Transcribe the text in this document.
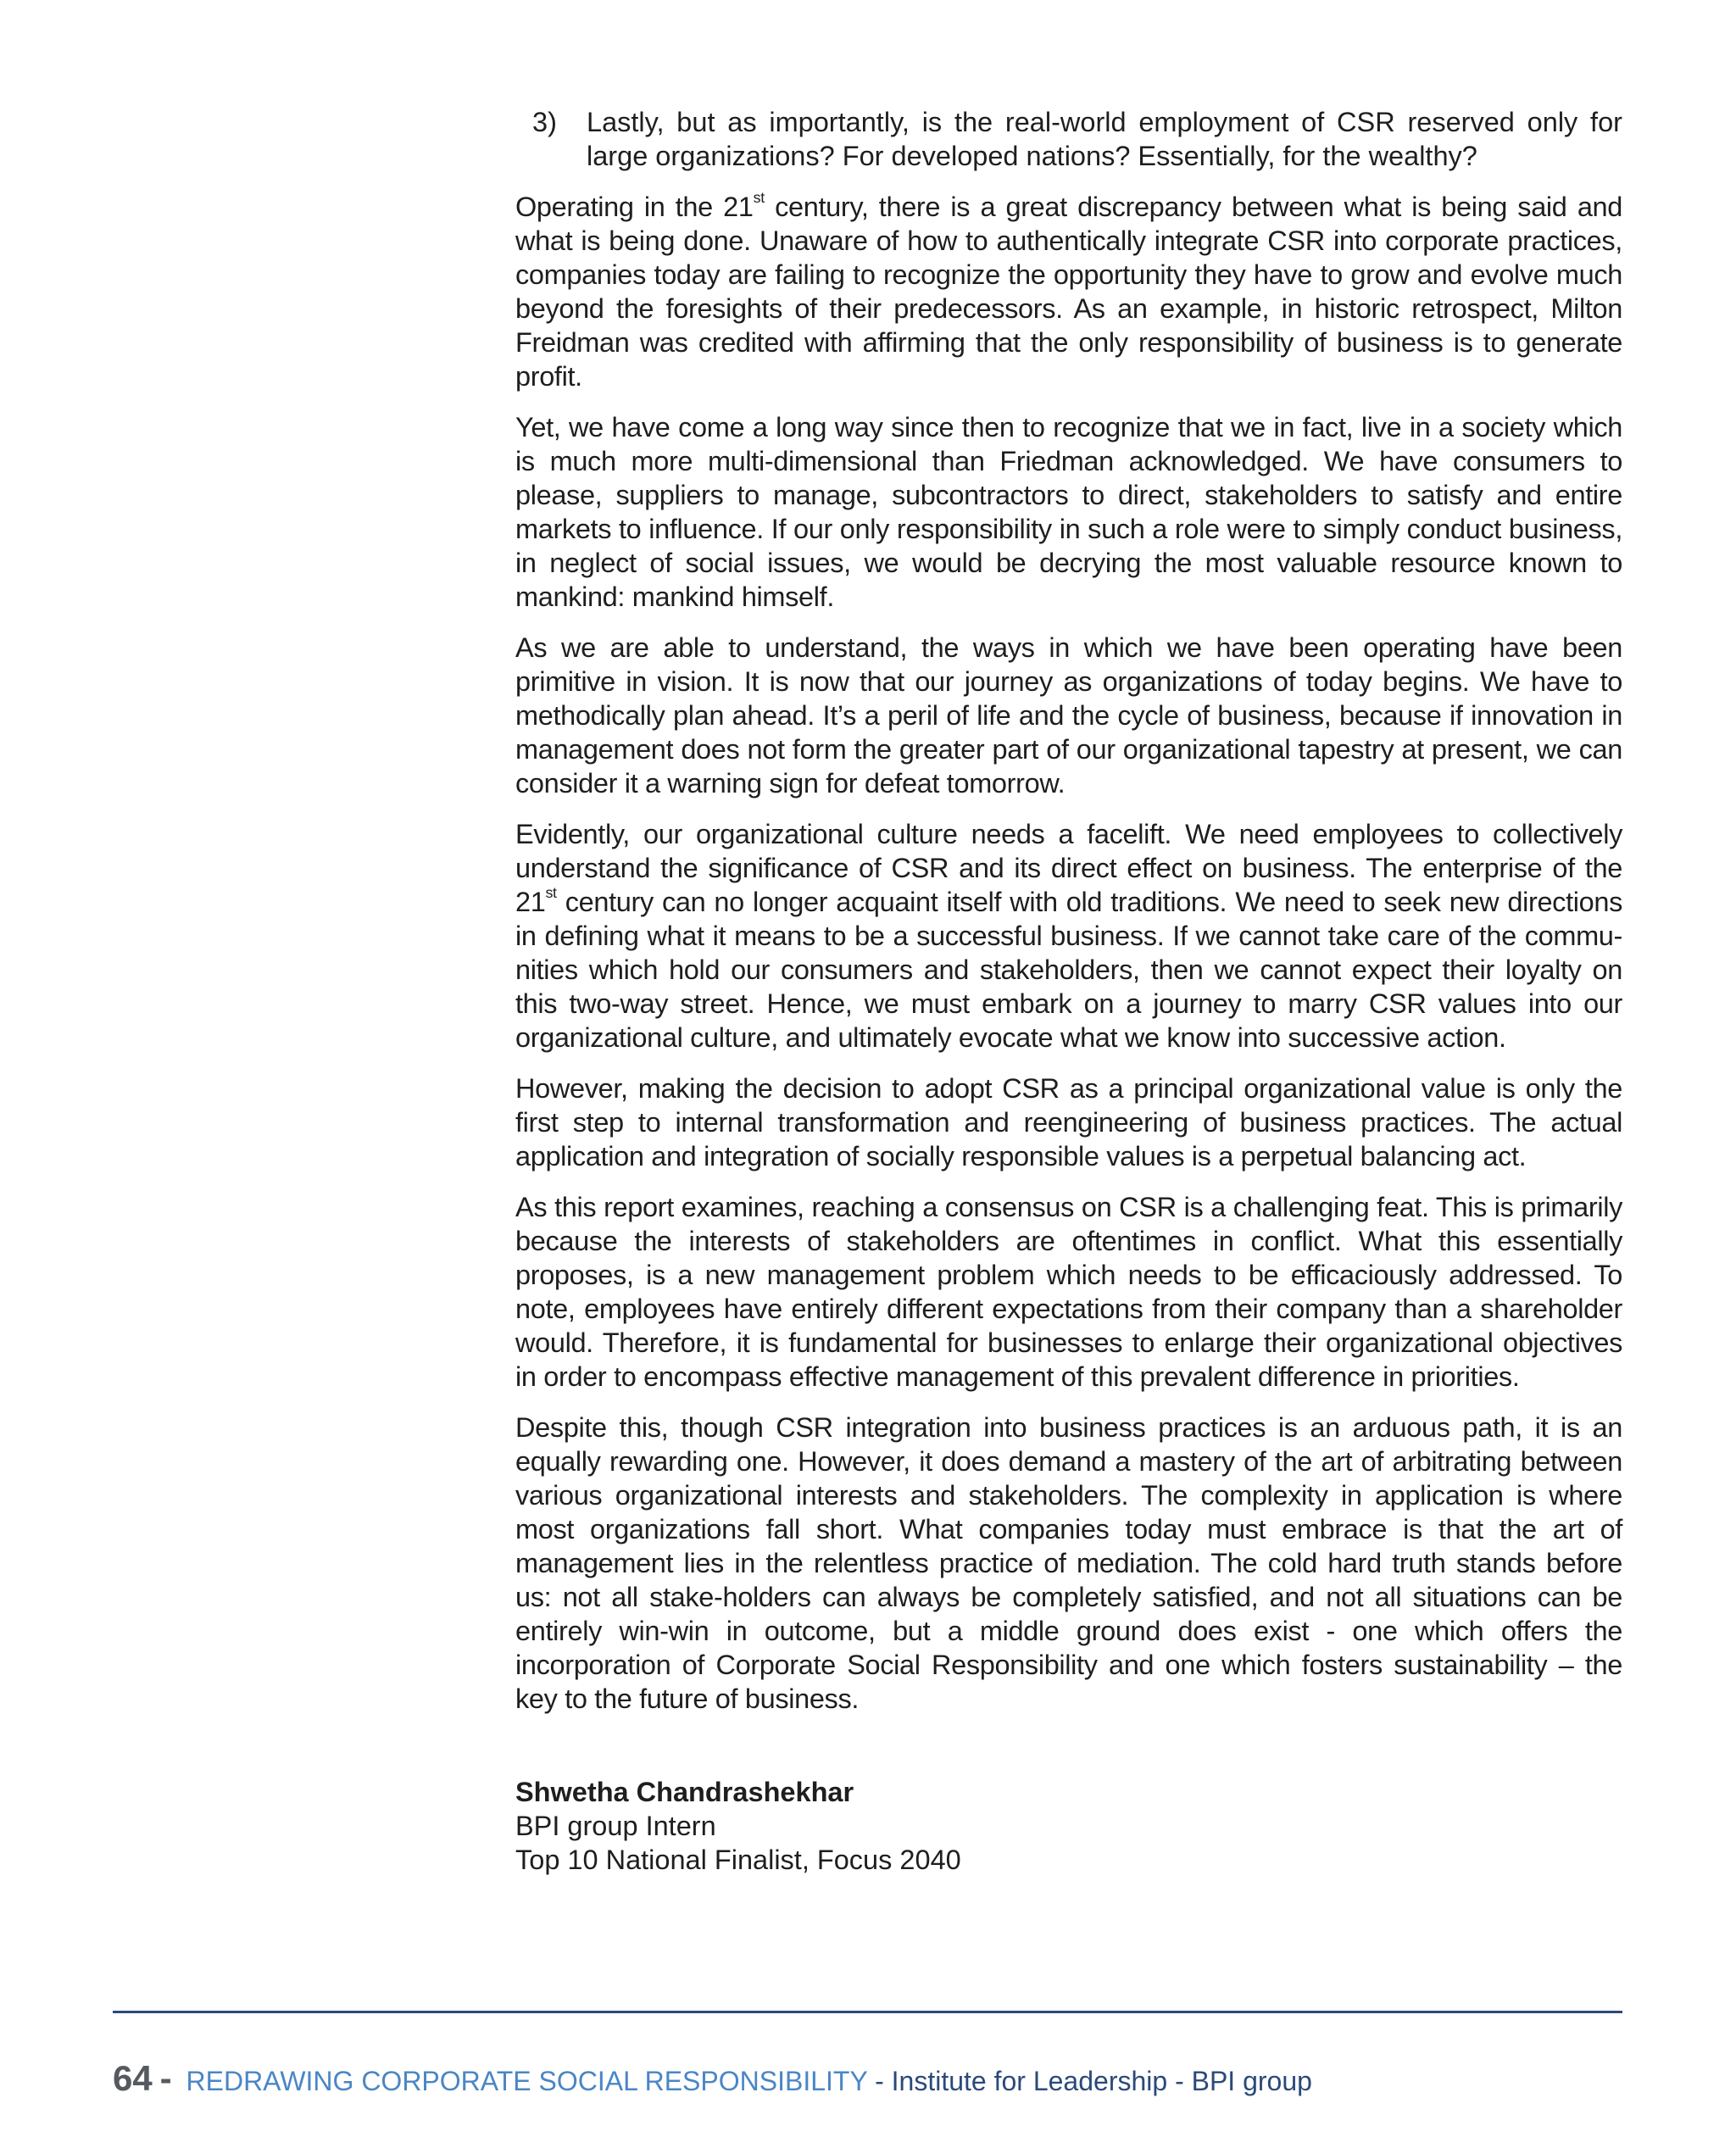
3)	Lastly, but as importantly, is the real-world employment of CSR reserved only for large organizations? For developed nations? Essentially, for the wealthy?

Operating in the 21st century, there is a great discrepancy between what is being said and what is being done. Unaware of how to authentically integrate CSR into corporate practices, companies today are failing to recognize the opportunity they have to grow and evolve much beyond the foresights of their predecessors. As an example, in historic retrospect, Milton Freidman was credited with affirming that the only responsibility of business is to generate profit.

Yet, we have come a long way since then to recognize that we in fact, live in a society which is much more multi-dimensional than Friedman acknowledged. We have consumers to please, suppliers to manage, subcontractors to direct, stakeholders to satisfy and entire markets to influence. If our only responsibility in such a role were to simply conduct business, in neglect of social issues, we would be decrying the most valuable resource known to mankind: mankind himself.

As we are able to understand, the ways in which we have been operating have been primitive in vision. It is now that our journey as organizations of today begins. We have to methodically plan ahead. It’s a peril of life and the cycle of business, because if innovation in management does not form the greater part of our organizational tapestry at present, we can consider it a warning sign for defeat tomorrow.

Evidently, our organizational culture needs a facelift. We need employees to collectively understand the significance of CSR and its direct effect on business. The enterprise of the 21st century can no longer acquaint itself with old traditions. We need to seek new directions in defining what it means to be a successful business. If we cannot take care of the commu-nities which hold our consumers and stakeholders, then we cannot expect their loyalty on this two-way street. Hence, we must embark on a journey to marry CSR values into our organizational culture, and ultimately evocate what we know into successive action.

However, making the decision to adopt CSR as a principal organizational value is only the first step to internal transformation and reengineering of business practices. The actual application and integration of socially responsible values is a perpetual balancing act.

As this report examines, reaching a consensus on CSR is a challenging feat. This is primarily because the interests of stakeholders are oftentimes in conflict. What this essentially proposes, is a new management problem which needs to be efficaciously addressed. To note, employees have entirely different expectations from their company than a shareholder would. Therefore, it is fundamental for businesses to enlarge their organizational objectives in order to encompass effective management of this prevalent difference in priorities.

Despite this, though CSR integration into business practices is an arduous path, it is an equally rewarding one. However, it does demand a mastery of the art of arbitrating between various organizational interests and stakeholders. The complexity in application is where most organizations fall short. What companies today must embrace is that the art of management lies in the relentless practice of mediation. The cold hard truth stands before us: not all stake-holders can always be completely satisfied, and not all situations can be entirely win-win in outcome, but a middle ground does exist - one which offers the incorporation of Corporate Social Responsibility and one which fosters sustainability – the key to the future of business.

Shwetha Chandrashekhar
BPI group Intern
Top 10 National Finalist, Focus 2040
64 - REDRAWING CORPORATE SOCIAL RESPONSIBILITY - Institute for Leadership - BPI group
